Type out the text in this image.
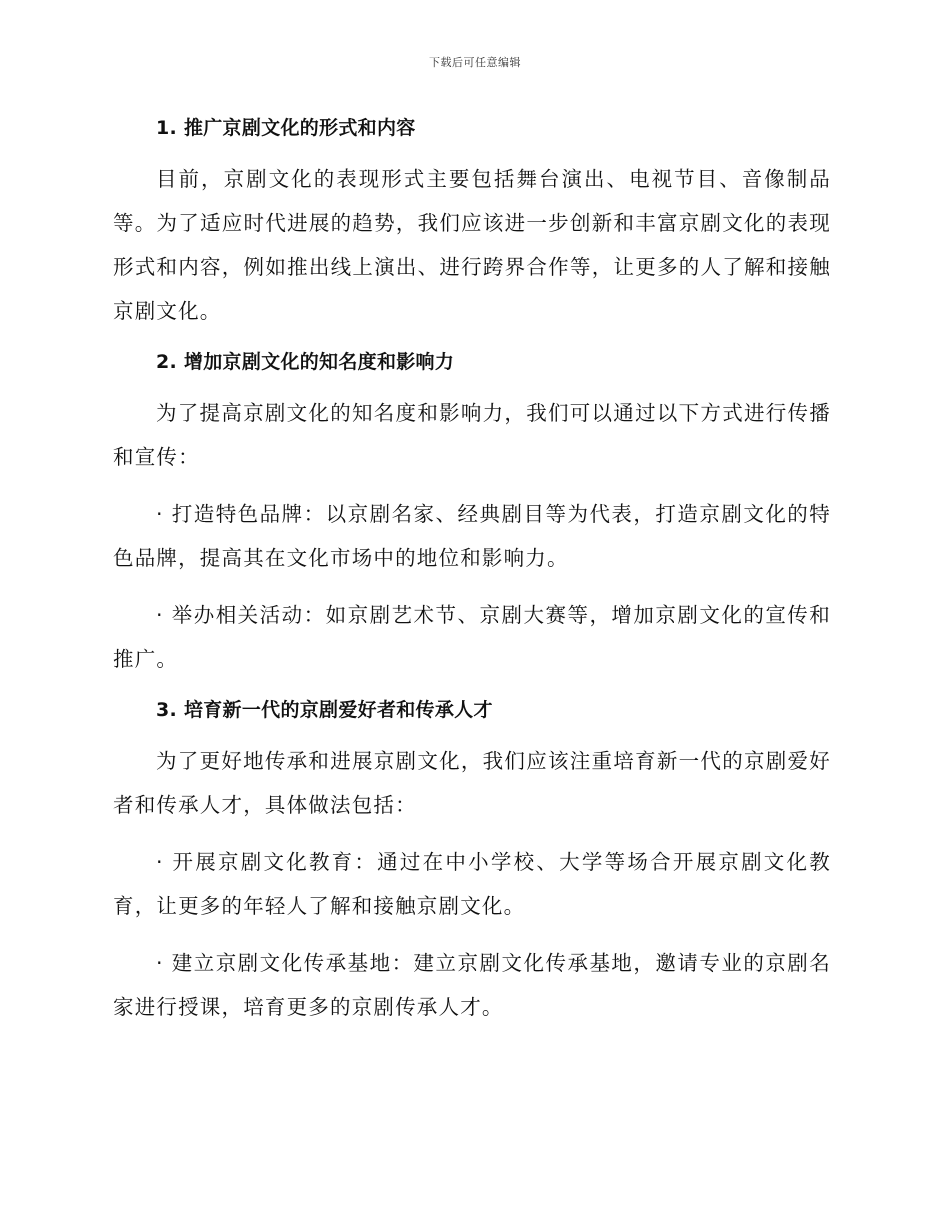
下载后可任意编辑
1. 推广京剧文化的形式和内容

目前，京剧文化的表现形式主要包括舞台演出、电视节目、音像制品等。为了适应时代进展的趋势，我们应该进一步创新和丰富京剧文化的表现形式和内容，例如推出线上演出、进行跨界合作等，让更多的人了解和接触京剧文化。

2. 增加京剧文化的知名度和影响力

为了提高京剧文化的知名度和影响力，我们可以通过以下方式进行传播和宣传：

· 打造特色品牌：以京剧名家、经典剧目等为代表，打造京剧文化的特色品牌，提高其在文化市场中的地位和影响力。

· 举办相关活动：如京剧艺术节、京剧大赛等，增加京剧文化的宣传和推广。

3. 培育新一代的京剧爱好者和传承人才

为了更好地传承和进展京剧文化，我们应该注重培育新一代的京剧爱好者和传承人才，具体做法包括：

· 开展京剧文化教育：通过在中小学校、大学等场合开展京剧文化教育，让更多的年轻人了解和接触京剧文化。

· 建立京剧文化传承基地：建立京剧文化传承基地，邀请专业的京剧名家进行授课，培育更多的京剧传承人才。
